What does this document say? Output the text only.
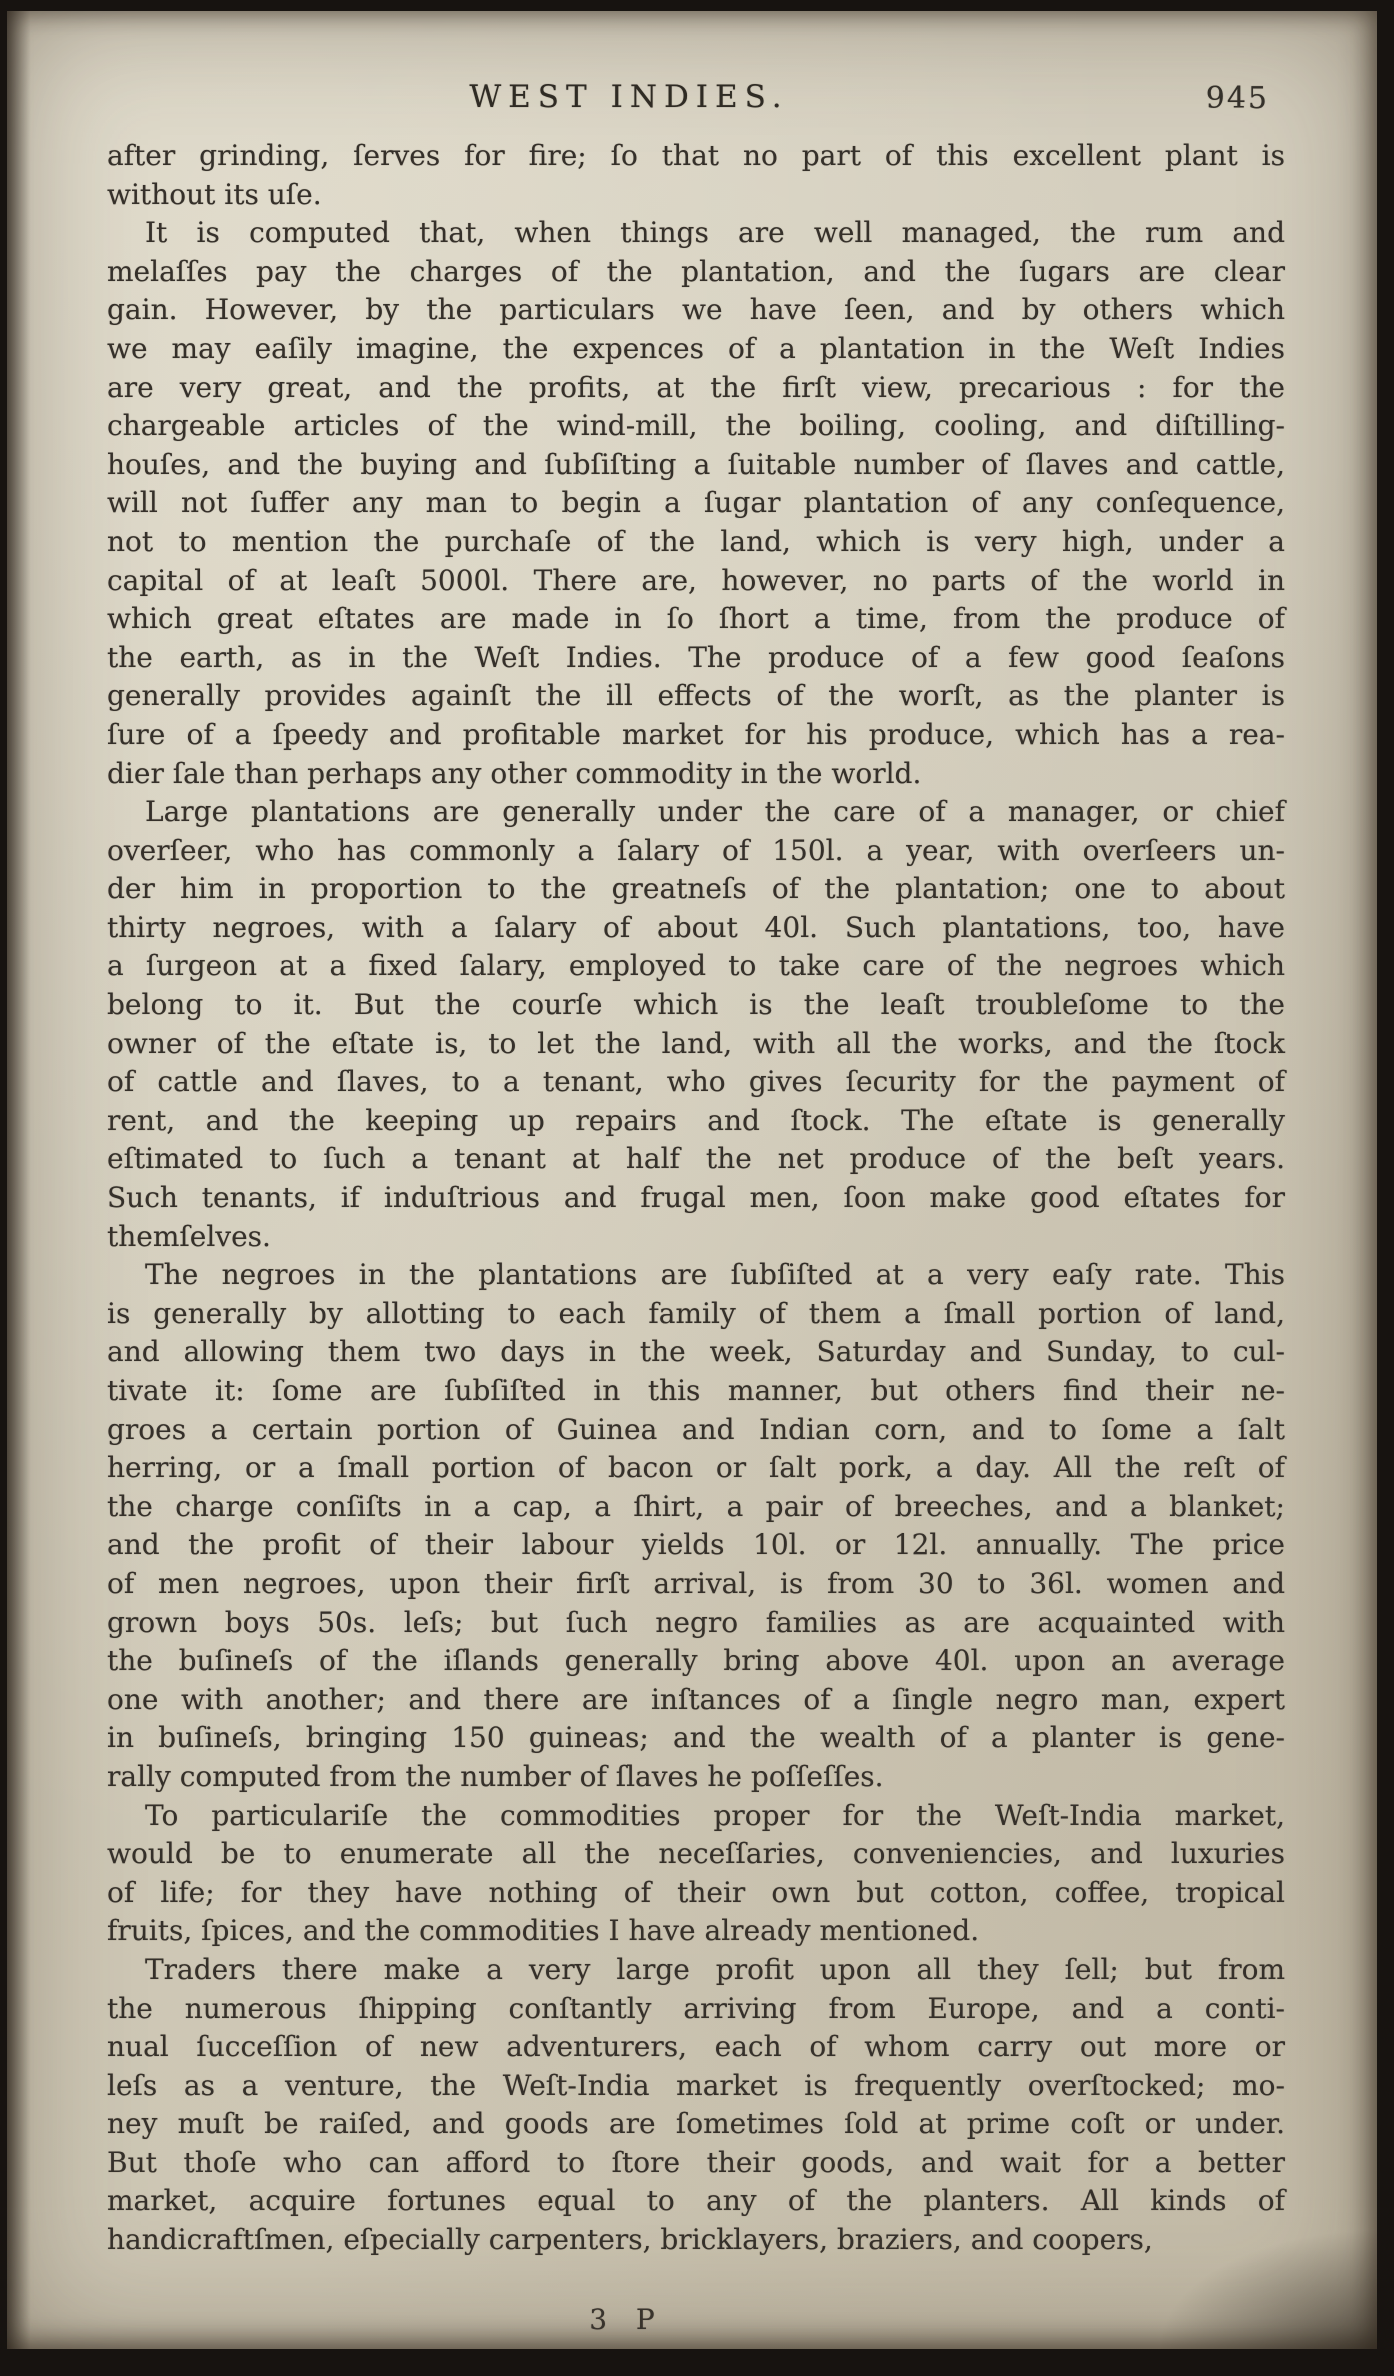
WEST INDIES.	945
after grinding, ſerves for fire; ſo that no part of this excellent plant is
without its uſe.
It is computed that, when things are well managed, the rum and
melaſſes pay the charges of the plantation, and the ſugars are clear
gain. However, by the particulars we have ſeen, and by others which
we may eaſily imagine, the expences of a plantation in the Weſt Indies
are very great, and the profits, at the firſt view, precarious : for the
chargeable articles of the wind-mill, the boiling, cooling, and diſtilling-
houſes, and the buying and ſubſiſting a ſuitable number of ſlaves and cattle,
will not ſuffer any man to begin a ſugar plantation of any conſequence,
not to mention the purchaſe of the land, which is very high, under a
capital of at leaſt 5000l. There are, however, no parts of the world in
which great eſtates are made in ſo ſhort a time, from the produce of
the earth, as in the Weſt Indies. The produce of a few good ſeaſons
generally provides againſt the ill effects of the worſt, as the planter is
ſure of a ſpeedy and profitable market for his produce, which has a rea-
dier ſale than perhaps any other commodity in the world.
Large plantations are generally under the care of a manager, or chief
overſeer, who has commonly a ſalary of 150l. a year, with overſeers un-
der him in proportion to the greatneſs of the plantation; one to about
thirty negroes, with a ſalary of about 40l. Such plantations, too, have
a ſurgeon at a fixed ſalary, employed to take care of the negroes which
belong to it. But the courſe which is the leaſt troubleſome to the
owner of the eſtate is, to let the land, with all the works, and the ſtock
of cattle and ſlaves, to a tenant, who gives ſecurity for the payment of
rent, and the keeping up repairs and ſtock. The eſtate is generally
eſtimated to ſuch a tenant at half the net produce of the beſt years.
Such tenants, if induſtrious and frugal men, ſoon make good eſtates for
themſelves.
The negroes in the plantations are ſubſiſted at a very eaſy rate. This
is generally by allotting to each family of them a ſmall portion of land,
and allowing them two days in the week, Saturday and Sunday, to cul-
tivate it: ſome are ſubſiſted in this manner, but others find their ne-
groes a certain portion of Guinea and Indian corn, and to ſome a ſalt
herring, or a ſmall portion of bacon or ſalt pork, a day. All the reſt of
the charge conſiſts in a cap, a ſhirt, a pair of breeches, and a blanket;
and the profit of their labour yields 10l. or 12l. annually. The price
of men negroes, upon their firſt arrival, is from 30 to 36l. women and
grown boys 50s. leſs; but ſuch negro families as are acquainted with
the buſineſs of the iſlands generally bring above 40l. upon an average
one with another; and there are inſtances of a ſingle negro man, expert
in buſineſs, bringing 150 guineas; and the wealth of a planter is gene-
rally computed from the number of ſlaves he poſſeſſes.
To particulariſe the commodities proper for the Weſt-India market,
would be to enumerate all the neceſſaries, conveniencies, and luxuries
of life; for they have nothing of their own but cotton, coffee, tropical
fruits, ſpices, and the commodities I have already mentioned.
Traders there make a very large profit upon all they ſell; but from
the numerous ſhipping conſtantly arriving from Europe, and a conti-
nual ſucceſſion of new adventurers, each of whom carry out more or
leſs as a venture, the Weſt-India market is frequently overſtocked; mo-
ney muſt be raiſed, and goods are ſometimes ſold at prime coſt or under.
But thoſe who can afford to ſtore their goods, and wait for a better
market, acquire fortunes equal to any of the planters. All kinds of
handicraftſmen, eſpecially carpenters, bricklayers, braziers, and coopers,
3 P
